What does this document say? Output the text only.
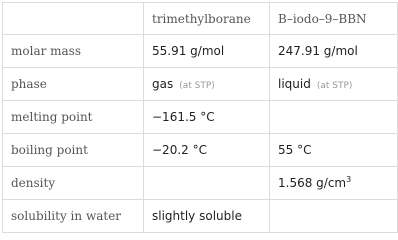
	trimethylborane	B–iodo–9–BBN
molar mass	55.91 g/mol	247.91 g/mol
phase	gas (at STP)	liquid (at STP)
melting point	−161.5 °C	
boiling point	−20.2 °C	55 °C
density		1.568 $g/cm^3$
solubility in water	slightly soluble	
